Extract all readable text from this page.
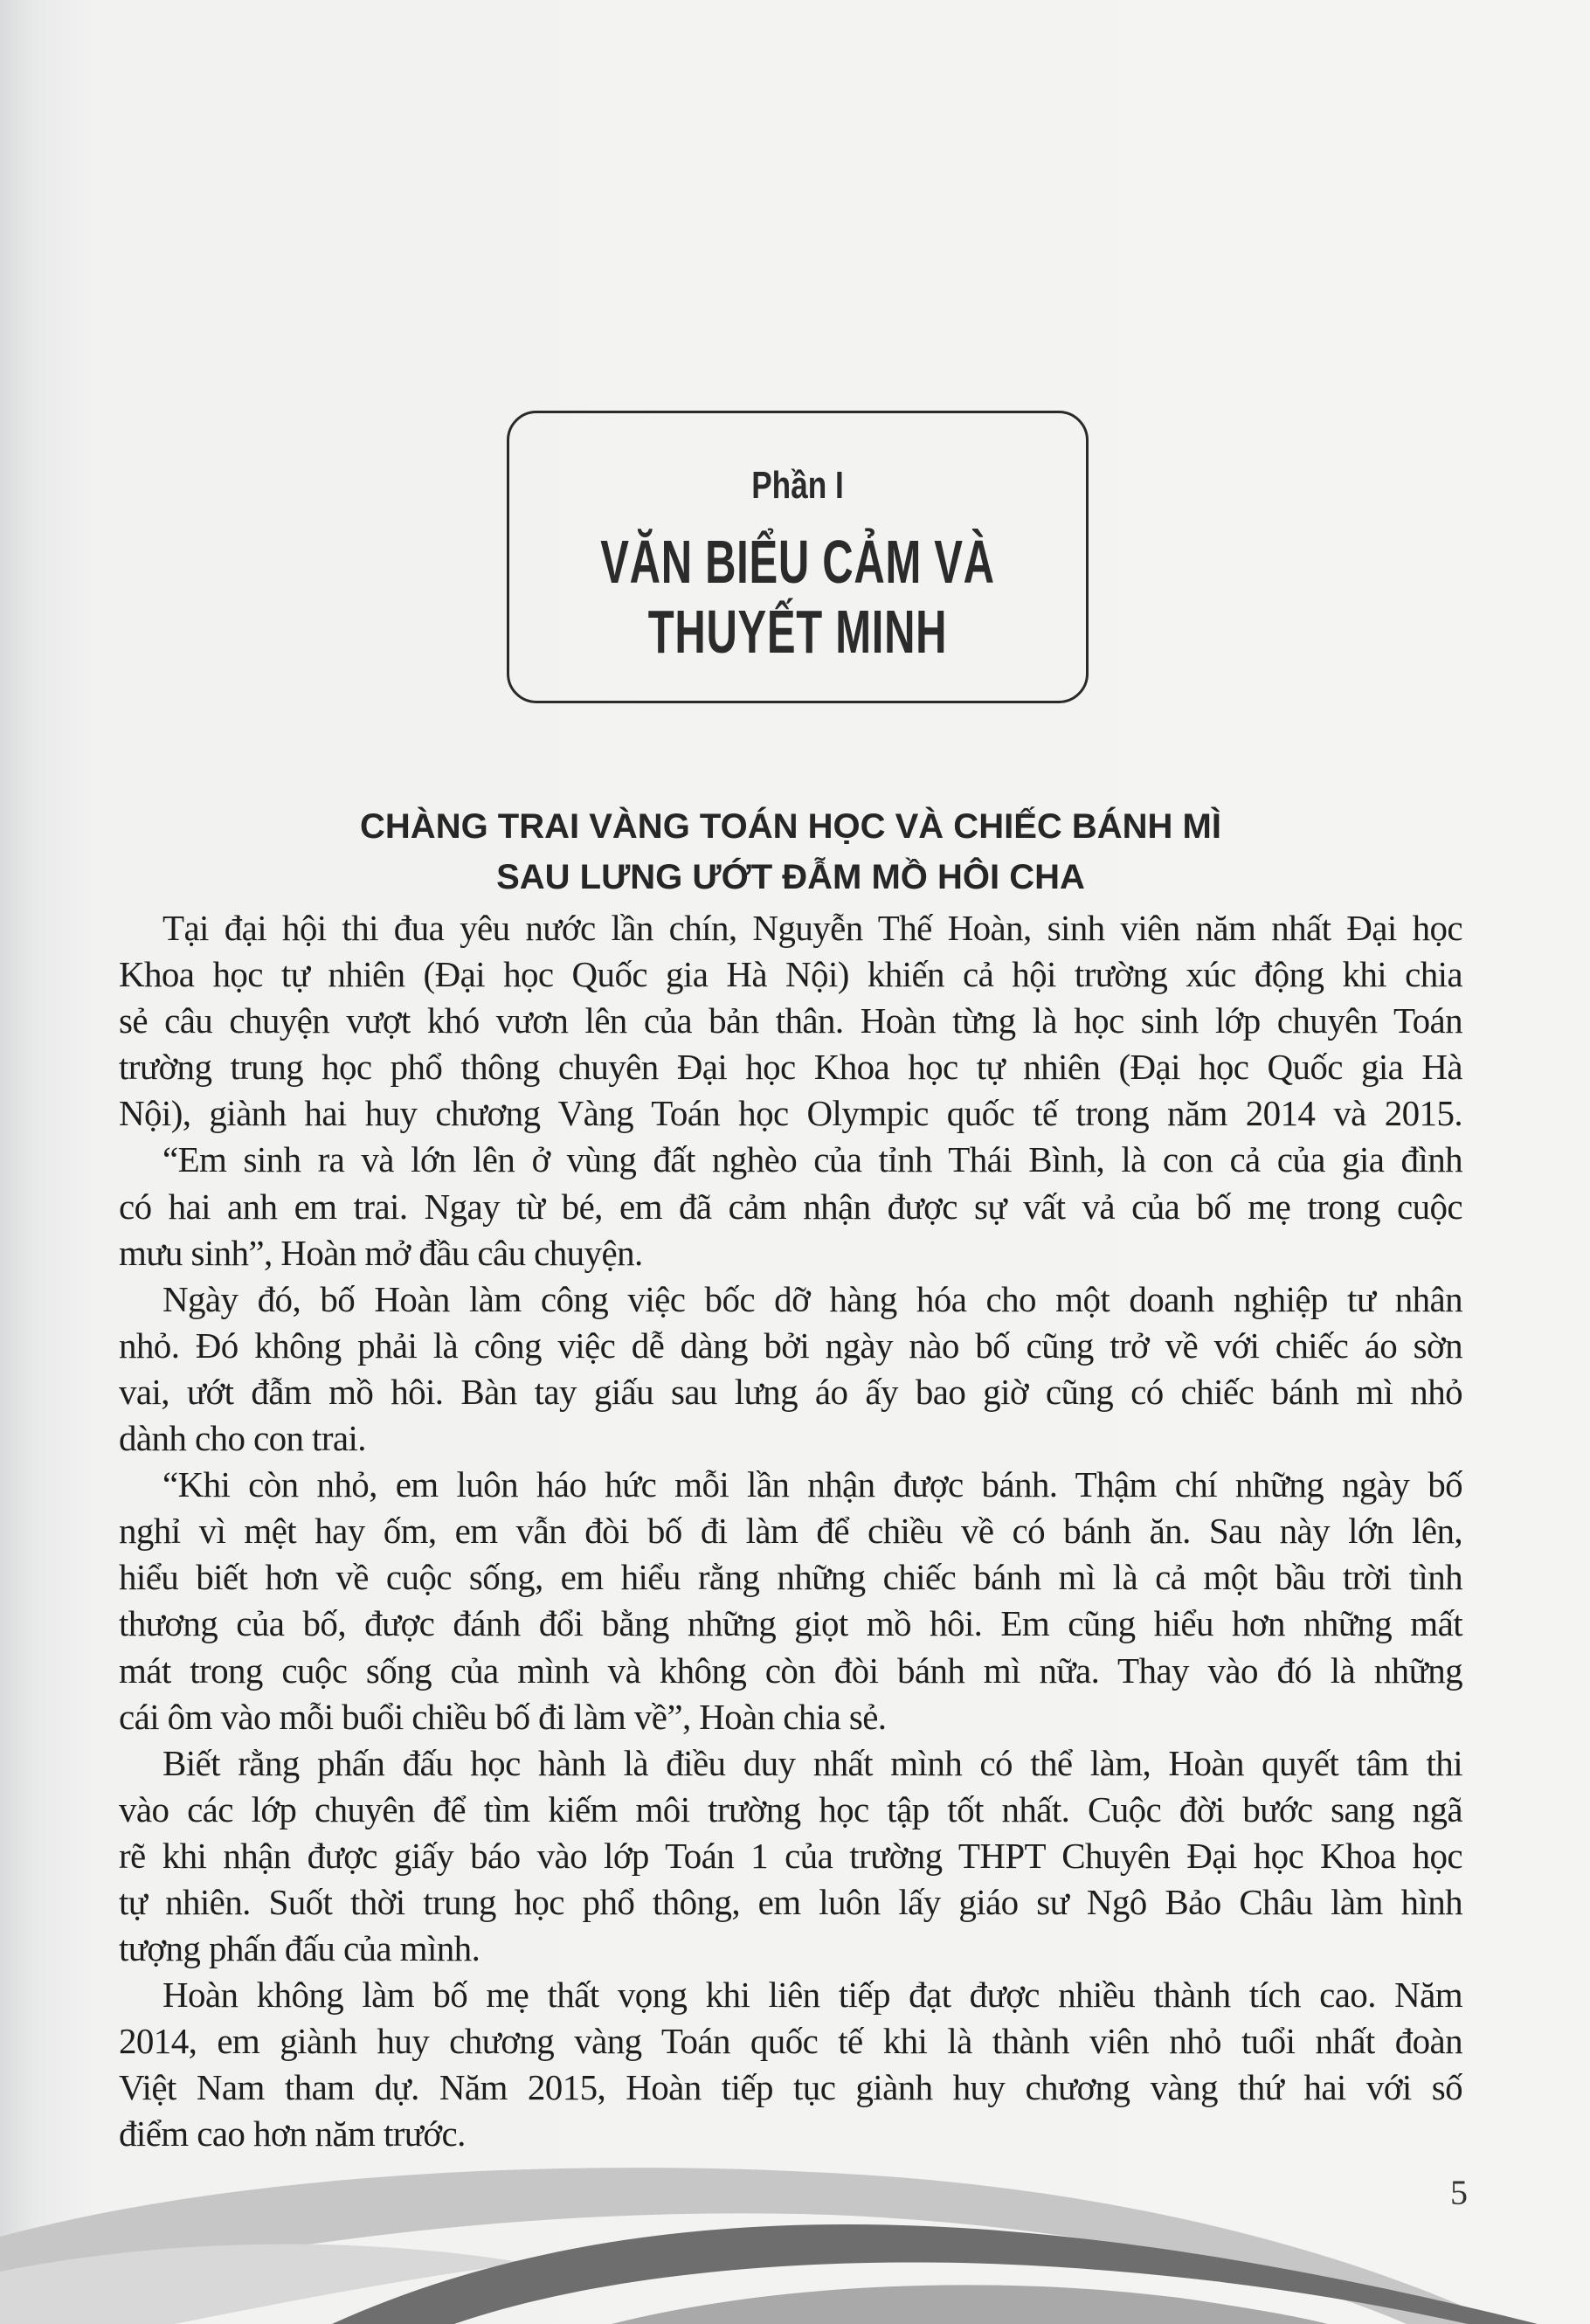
Phần I
VĂN BIỂU CẢM VÀ
THUYẾT MINH
CHÀNG TRAI VÀNG TOÁN HỌC VÀ CHIẾC BÁNH MÌ
SAU LƯNG ƯỚT ĐẪM MỒ HÔI CHA
Tại đại hội thi đua yêu nước lần chín, Nguyễn Thế Hoàn, sinh viên năm nhất Đại học
Khoa học tự nhiên (Đại học Quốc gia Hà Nội) khiến cả hội trường xúc động khi chia
sẻ câu chuyện vượt khó vươn lên của bản thân. Hoàn từng là học sinh lớp chuyên Toán
trường trung học phổ thông chuyên Đại học Khoa học tự nhiên (Đại học Quốc gia Hà
Nội), giành hai huy chương Vàng Toán học Olympic quốc tế trong năm 2014 và 2015.
“Em sinh ra và lớn lên ở vùng đất nghèo của tỉnh Thái Bình, là con cả của gia đình
có hai anh em trai. Ngay từ bé, em đã cảm nhận được sự vất vả của bố mẹ trong cuộc
mưu sinh”, Hoàn mở đầu câu chuyện.
Ngày đó, bố Hoàn làm công việc bốc dỡ hàng hóa cho một doanh nghiệp tư nhân
nhỏ. Đó không phải là công việc dễ dàng bởi ngày nào bố cũng trở về với chiếc áo sờn
vai, ướt đẫm mồ hôi. Bàn tay giấu sau lưng áo ấy bao giờ cũng có chiếc bánh mì nhỏ
dành cho con trai.
“Khi còn nhỏ, em luôn háo hức mỗi lần nhận được bánh. Thậm chí những ngày bố
nghỉ vì mệt hay ốm, em vẫn đòi bố đi làm để chiều về có bánh ăn. Sau này lớn lên,
hiểu biết hơn về cuộc sống, em hiểu rằng những chiếc bánh mì là cả một bầu trời tình
thương của bố, được đánh đổi bằng những giọt mồ hôi. Em cũng hiểu hơn những mất
mát trong cuộc sống của mình và không còn đòi bánh mì nữa. Thay vào đó là những
cái ôm vào mỗi buổi chiều bố đi làm về”, Hoàn chia sẻ.
Biết rằng phấn đấu học hành là điều duy nhất mình có thể làm, Hoàn quyết tâm thi
vào các lớp chuyên để tìm kiếm môi trường học tập tốt nhất. Cuộc đời bước sang ngã
rẽ khi nhận được giấy báo vào lớp Toán 1 của trường THPT Chuyên Đại học Khoa học
tự nhiên. Suốt thời trung học phổ thông, em luôn lấy giáo sư Ngô Bảo Châu làm hình
tượng phấn đấu của mình.
Hoàn không làm bố mẹ thất vọng khi liên tiếp đạt được nhiều thành tích cao. Năm
2014, em giành huy chương vàng Toán quốc tế khi là thành viên nhỏ tuổi nhất đoàn
Việt Nam tham dự. Năm 2015, Hoàn tiếp tục giành huy chương vàng thứ hai với số
điểm cao hơn năm trước.
5
